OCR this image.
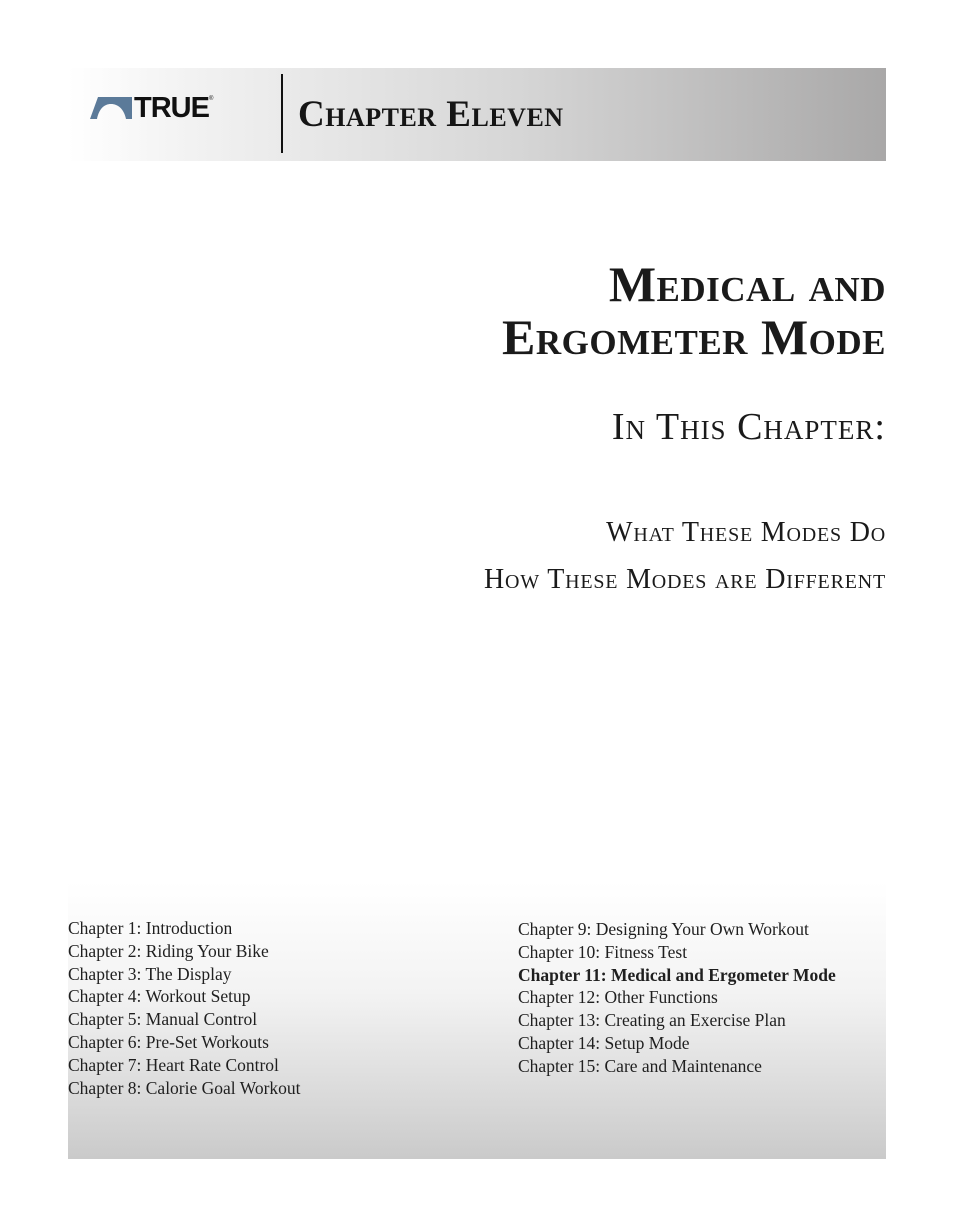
TRUE ® Chapter Eleven
Medical and
Ergometer Mode
In This Chapter:
What These Modes Do
How These Modes are Different
Chapter 1: Introduction
Chapter 2: Riding Your Bike
Chapter 3: The Display
Chapter 4: Workout Setup
Chapter 5: Manual Control
Chapter 6: Pre-Set Workouts
Chapter 7: Heart Rate Control
Chapter 8: Calorie Goal Workout
Chapter 9: Designing Your Own Workout
Chapter 10: Fitness Test
Chapter 11: Medical and Ergometer Mode
Chapter 12: Other Functions
Chapter 13: Creating an Exercise Plan
Chapter 14: Setup Mode
Chapter 15: Care and Maintenance
